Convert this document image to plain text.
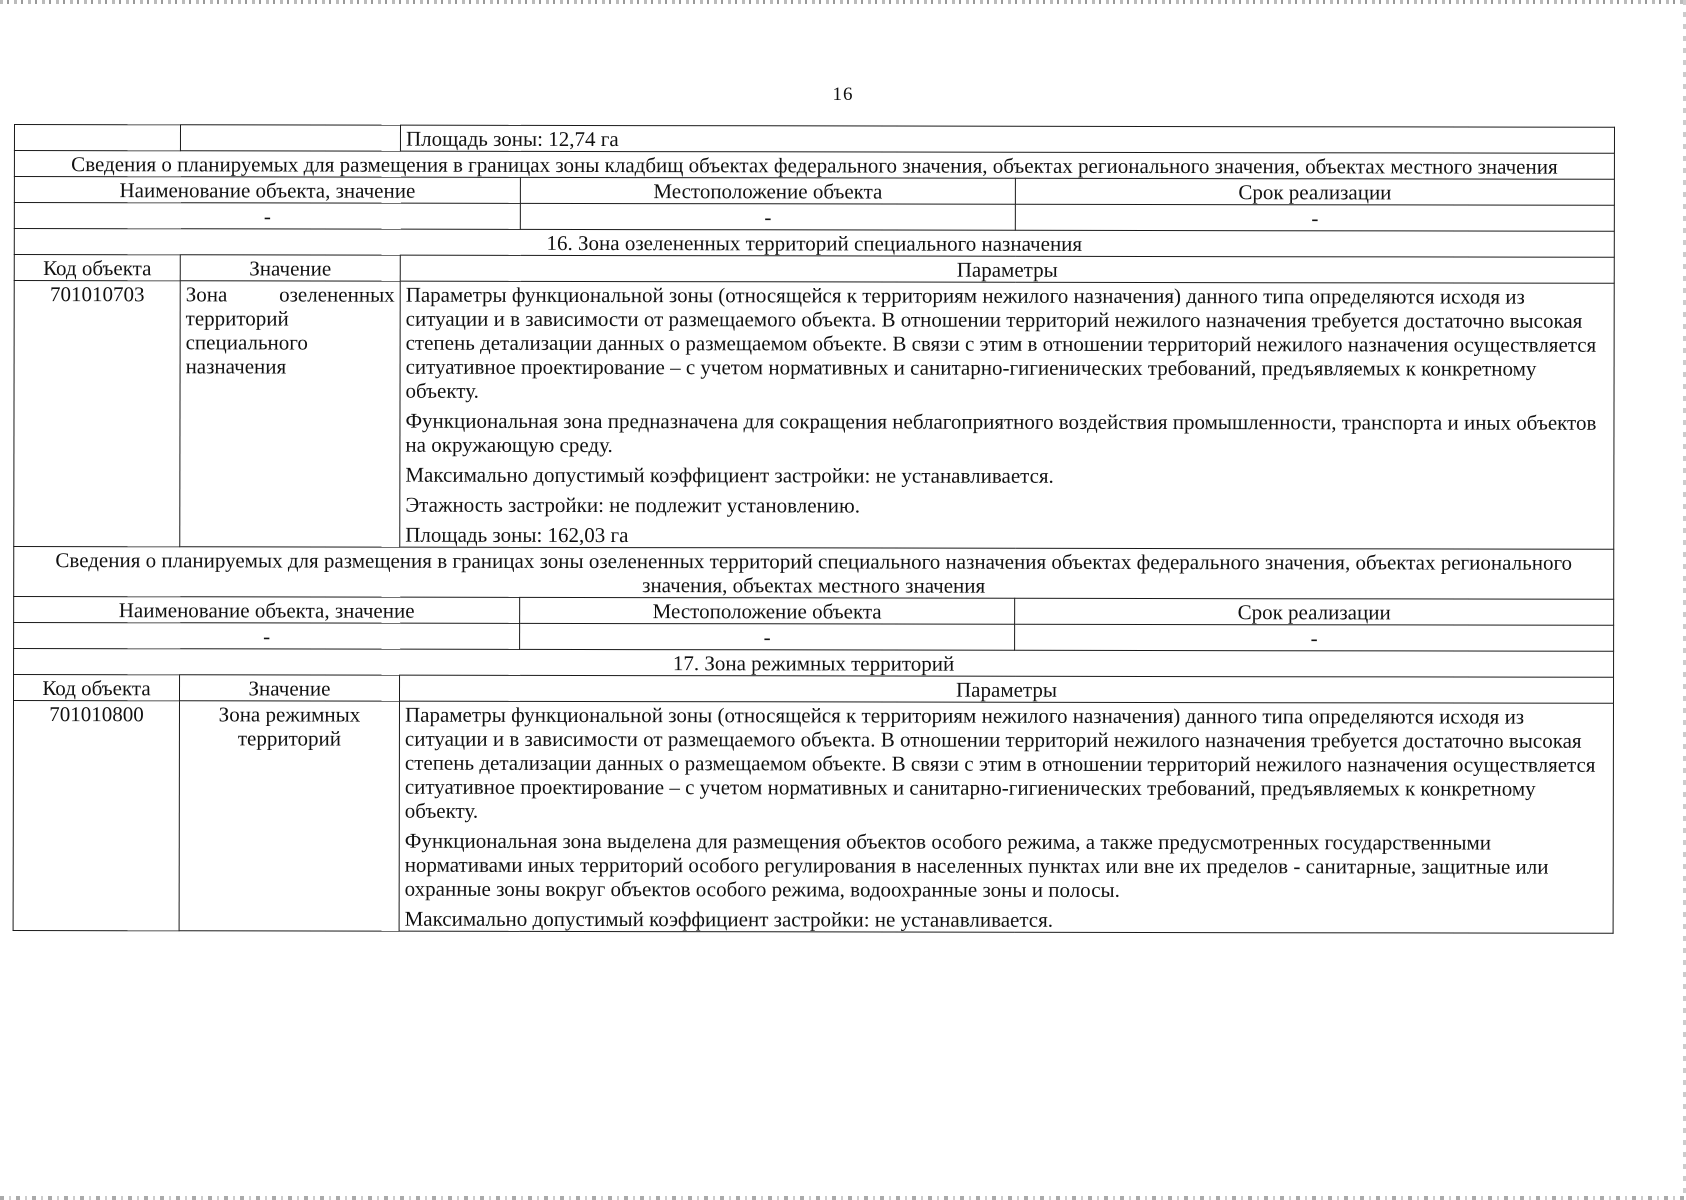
16
		Площадь зоны: 12,74 га		
Сведения о планируемых для размещения в границах зоны кладбищ объектах федерального значения, объектах регионального значения, объектах местного значения				
Наименование объекта, значение			Местоположение объекта	Срок реализации
-			-	-
16. Зона озелененных территорий специального назначения				
Код объекта	Значение	Параметры		
701010703	Зона озелененных территорий специального назначения	Параметры функциональной зоны (относящейся к территориям нежилого назначения) данного типа определяются исходя из ситуации и в зависимости от размещаемого объекта. В отношении территорий нежилого назначения требуется достаточно высокая степень детализации данных о размещаемом объекте. В связи с этим в отношении территорий нежилого назначения осуществляется ситуативное проектирование – с учетом нормативных и санитарно-гигиенических требований, предъявляемых к конкретному объекту.

Функциональная зона предназначена для сокращения неблагоприятного воздействия промышленности, транспорта и иных объектов на окружающую среду.

Максимально допустимый коэффициент застройки: не устанавливается.

Этажность застройки: не подлежит установлению.

Площадь зоны: 162,03 га		

Сведения о планируемых для размещения в границах зоны озелененных территорий специального назначения объектах федерального значения, объектах регионального значения, объектах местного значения				
Наименование объекта, значение			Местоположение объекта	Срок реализации
-			-	-
17. Зона режимных территорий				
Код объекта	Значение	Параметры		
701010800	Зона режимных территорий	Параметры функциональной зоны (относящейся к территориям нежилого назначения) данного типа определяются исходя из ситуации и в зависимости от размещаемого объекта. В отношении территорий нежилого назначения требуется достаточно высокая степень детализации данных о размещаемом объекте. В связи с этим в отношении территорий нежилого назначения осуществляется ситуативное проектирование – с учетом нормативных и санитарно-гигиенических требований, предъявляемых к конкретному объекту.

Функциональная зона выделена для размещения объектов особого режима, а также предусмотренных государственными нормативами иных территорий особого регулирования в населенных пунктах или вне их пределов - санитарные, защитные или охранные зоны вокруг объектов особого режима, водоохранные зоны и полосы.

Максимально допустимый коэффициент застройки: не устанавливается.		
